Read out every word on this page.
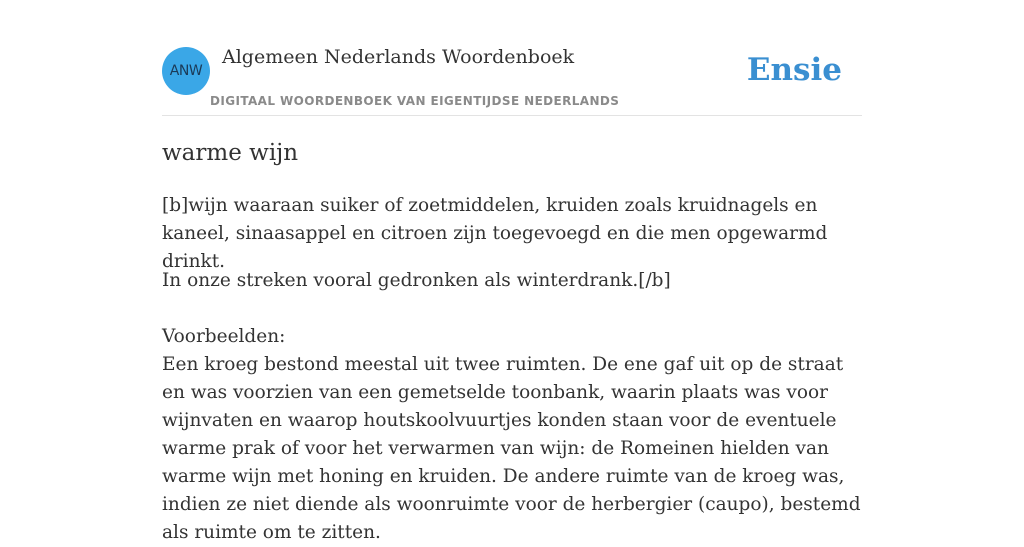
ANW
Algemeen Nederlands Woordenboek
DIGITAAL WOORDENBOEK VAN EIGENTIJDSE NEDERLANDS
Ensie
warme wijn

[b]wijn waaraan suiker of zoetmiddelen, kruiden zoals kruidnagels en kaneel, sinaasappel en citroen zijn toegevoegd en die men opgewarmd drinkt.

In onze streken vooral gedronken als winterdrank.[/b]

Voorbeelden:

Een kroeg bestond meestal uit twee ruimten. De ene gaf uit op de straat en was voorzien van een gemetselde toonbank, waarin plaats was voor wijnvaten en waarop houtskoolvuurtjes konden staan voor de eventuele warme prak of voor het verwarmen van wijn: de Romeinen hielden van warme wijn met honing en kruiden. De andere ruimte van de kroeg was, indien ze niet diende als woonruimte voor de herbergier (caupo), bestemd als ruimte om te zitten.
